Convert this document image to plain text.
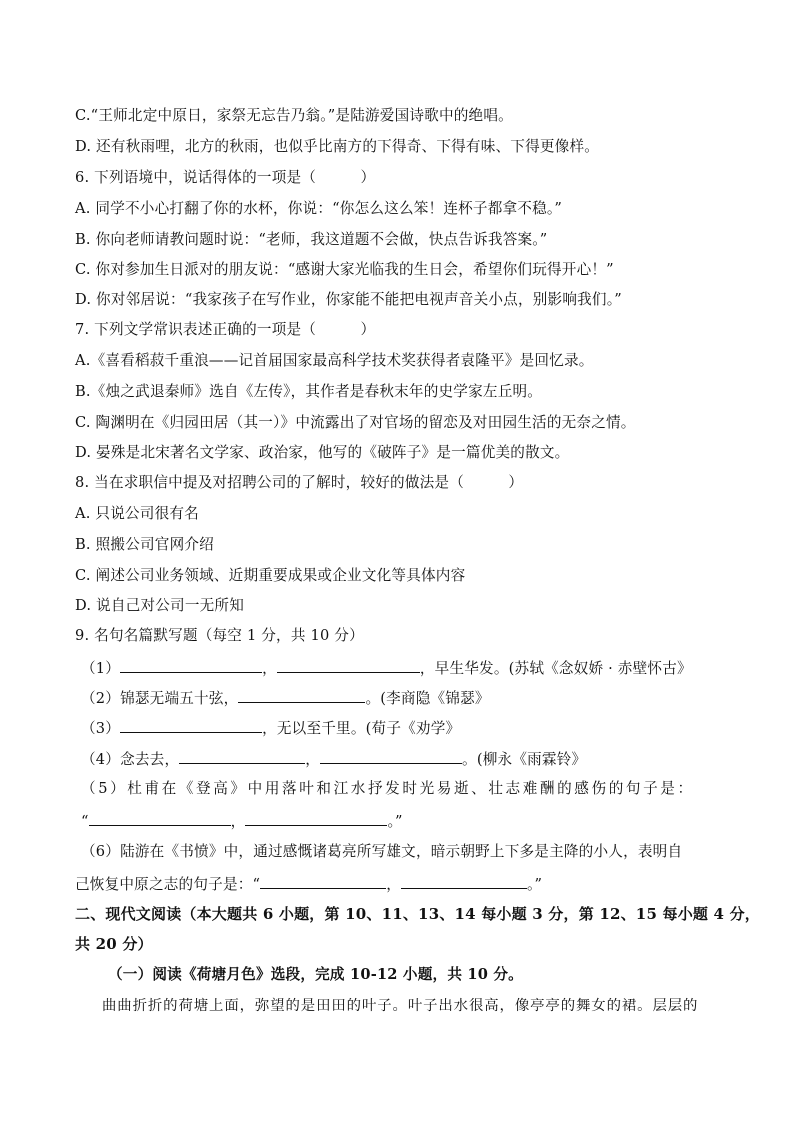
C.“王师北定中原日，家祭无忘告乃翁。”是陆游爱国诗歌中的绝唱。
D. 还有秋雨哩，北方的秋雨，也似乎比南方的下得奇、下得有味、下得更像样。
6. 下列语境中，说话得体的一项是（　　　）
A. 同学不小心打翻了你的水杯，你说：“你怎么这么笨！连杯子都拿不稳。”
B. 你向老师请教问题时说：“老师，我这道题不会做，快点告诉我答案。”
C. 你对参加生日派对的朋友说：“感谢大家光临我的生日会，希望你们玩得开心！”
D. 你对邻居说：“我家孩子在写作业，你家能不能把电视声音关小点，别影响我们。”
7. 下列文学常识表述正确的一项是（　　　）
A.《喜看稻菽千重浪——记首届国家最高科学技术奖获得者袁隆平》是回忆录。
B.《烛之武退秦师》选自《左传》，其作者是春秋末年的史学家左丘明。
C. 陶渊明在《归园田居（其一）》中流露出了对官场的留恋及对田园生活的无奈之情。
D. 晏殊是北宋著名文学家、政治家，他写的《破阵子》是一篇优美的散文。
8. 当在求职信中提及对招聘公司的了解时，较好的做法是（　　　）
A. 只说公司很有名
B. 照搬公司官网介绍
C. 阐述公司业务领域、近期重要成果或企业文化等具体内容
D. 说自己对公司一无所知
9. 名句名篇默写题（每空 1 分，共 10 分）
（1）	，	，早生华发。(苏轼《念奴娇 · 赤壁怀古》
（2）锦瑟无端五十弦，	。(李商隐《锦瑟》
（3）	，无以至千里。(荀子《劝学》
（4）念去去，	，	。(柳永《雨霖铃》
（5）杜甫在《登高》中用落叶和江水抒发时光易逝、壮志难酬的感伤的句子是：
“	，	。”
（6）陆游在《书愤》中，通过感慨诸葛亮所写雄文，暗示朝野上下多是主降的小人，表明自
己恢复中原之志的句子是：“	，	。”
二、现代文阅读（本大题共 6 小题，第 10、11、13、14 每小题 3 分，第 12、15 每小题 4 分，
共 20 分）
（一）阅读《荷塘月色》选段，完成 10-12 小题，共 10 分。
曲曲折折的荷塘上面，弥望的是田田的叶子。叶子出水很高，像亭亭的舞女的裙。层层的
